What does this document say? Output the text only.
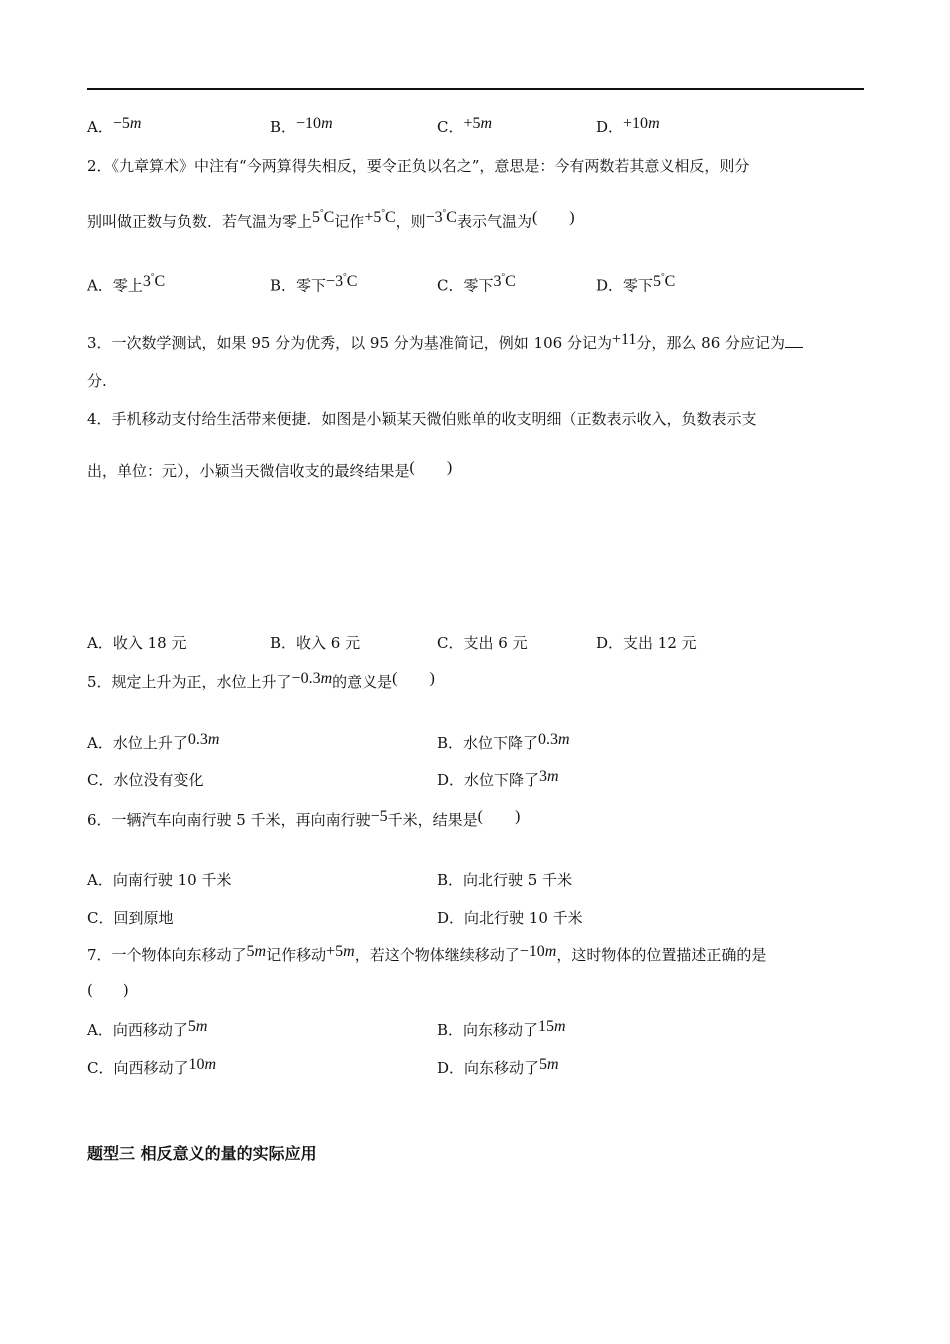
A．−5m	B．−10m	C．+5m	D．+10m
2．《九章算术》中注有“今两算得失相反，要令正负以名之”，意思是：今有两数若其意义相反，则分
别叫做正数与负数．若气温为零上5°C记作+5°C，则−3°C表示气温为(　　)
A．零上3°C	B．零下−3°C	C．零下3°C	D．零下5°C
3．一次数学测试，如果 95 分为优秀，以 95 分为基准简记，例如 106 分记为+11分，那么 86 分应记为
分.
4．手机移动支付给生活带来便捷．如图是小颖某天微伯账单的收支明细（正数表示收入，负数表示支
出，单位：元），小颖当天微信收支的最终结果是(　　)
A．收入 18 元	B．收入 6 元	C．支出 6 元	D．支出 12 元
5．规定上升为正，水位上升了−0.3m的意义是(　　)
A．水位上升了0.3m	B．水位下降了0.3m
C．水位没有变化	D．水位下降了3m
6．一辆汽车向南行驶 5 千米，再向南行驶−5千米，结果是(　　)
A．向南行驶 10 千米	B．向北行驶 5 千米
C．回到原地	D．向北行驶 10 千米
7．一个物体向东移动了5m记作移动+5m，若这个物体继续移动了−10m，这时物体的位置描述正确的是
(　　)
A．向西移动了5m	B．向东移动了15m
C．向西移动了10m	D．向东移动了5m
题型三 相反意义的量的实际应用
